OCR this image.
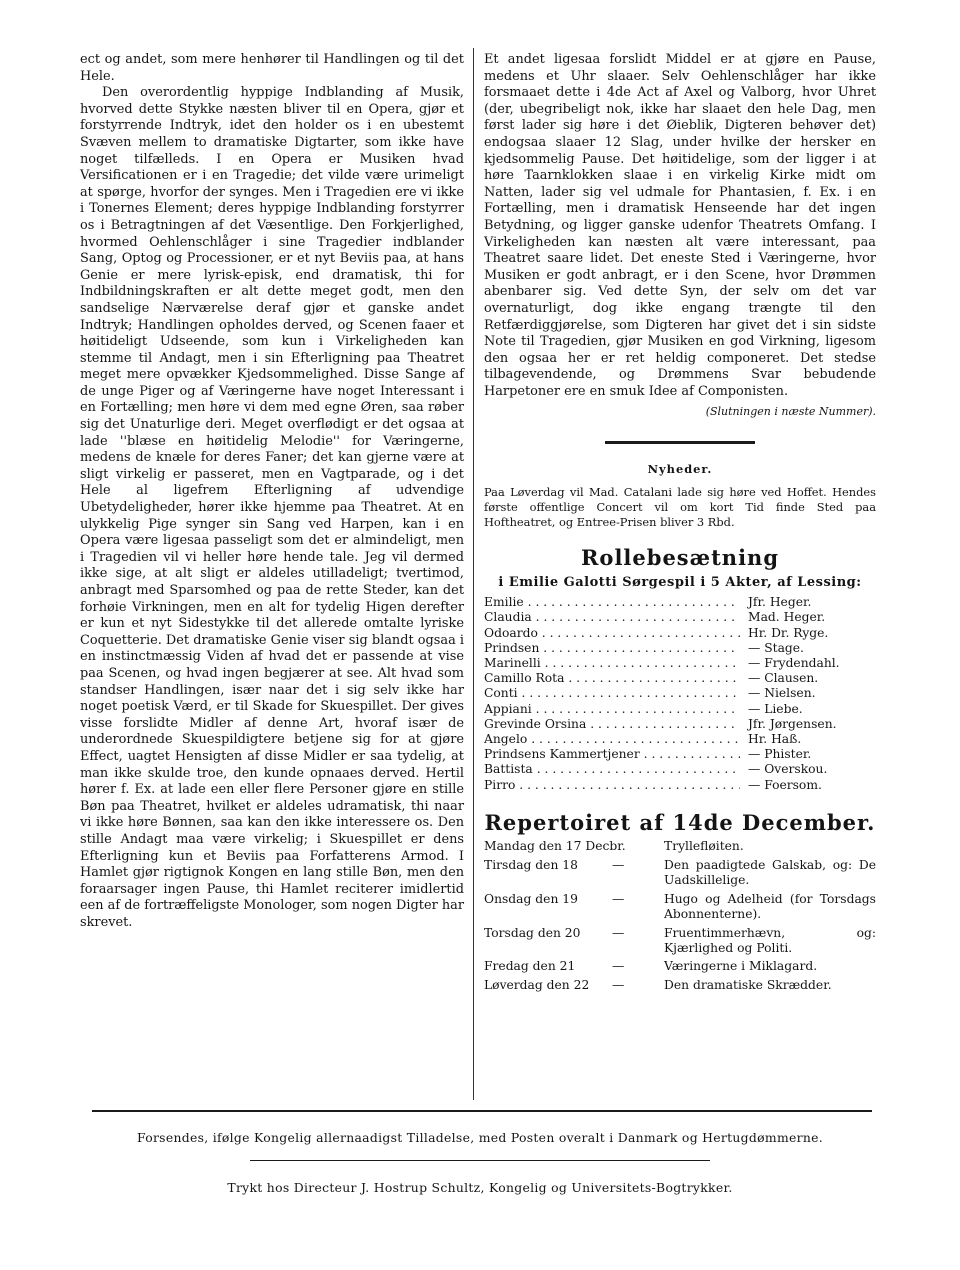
ect og andet, som mere henhører til Handlingen og til det Hele.

Den overordentlig hyppige Indblanding af Musik, hvorved dette Stykke næsten bliver til en Opera, gjør et forstyrrende Indtryk, idet den holder os i en ubestemt Svæven mellem to dramatiske Digtarter, som ikke have noget tilfælleds. I en Opera er Musiken hvad Versificationen er i en Tragedie; det vilde være urimeligt at spørge, hvorfor der synges. Men i Tragedien ere vi ikke i Tonernes Element; deres hyppige Indblanding forstyrrer os i Betragtningen af det Væsentlige. Den Forkjerlighed, hvormed Oehlenschlåger i sine Tragedier indblander Sang, Optog og Processioner, er et nyt Beviis paa, at hans Genie er mere lyrisk-episk, end dramatisk, thi for Indbildningskraften er alt dette meget godt, men den sandselige Nærværelse deraf gjør et ganske andet Indtryk; Handlingen opholdes derved, og Scenen faaer et høitideligt Udseende, som kun i Virkeligheden kan stemme til Andagt, men i sin Efterligning paa Theatret meget mere opvækker Kjedsommelighed. Disse Sange af de unge Piger og af Væringerne have noget Interessant i en Fortælling; men høre vi dem med egne Øren, saa røber sig det Unaturlige deri. Meget overflødigt er det ogsaa at lade ''blæse en høitidelig Melodie'' for Væringerne, medens de knæle for deres Faner; det kan gjerne være at sligt virkelig er passeret, men en Vagtparade, og i det Hele al ligefrem Efterligning af udvendige Ubetydeligheder, hører ikke hjemme paa Theatret. At en ulykkelig Pige synger sin Sang ved Harpen, kan i en Opera være ligesaa passeligt som det er almindeligt, men i Tragedien vil vi heller høre hende tale. Jeg vil dermed ikke sige, at alt sligt er aldeles utilladeligt; tvertimod, anbragt med Sparsomhed og paa de rette Steder, kan det forhøie Virkningen, men en alt for tydelig Higen derefter er kun et nyt Sidestykke til det allerede omtalte lyriske Coquetterie. Det dramatiske Genie viser sig blandt ogsaa i en instinctmæssig Viden af hvad det er passende at vise paa Scenen, og hvad ingen begjærer at see. Alt hvad som standser Handlingen, især naar det i sig selv ikke har noget poetisk Værd, er til Skade for Skuespillet. Der gives visse forslidte Midler af denne Art, hvoraf især de underordnede Skuespildigtere betjene sig for at gjøre Effect, uagtet Hensigten af disse Midler er saa tydelig, at man ikke skulde troe, den kunde opnaaes derved. Hertil hører f. Ex. at lade een eller flere Personer gjøre en stille Bøn paa Theatret, hvilket er aldeles udramatisk, thi naar vi ikke høre Bønnen, saa kan den ikke interessere os. Den stille Andagt maa være virkelig; i Skuespillet er dens Efterligning kun et Beviis paa Forfatterens Armod. I Hamlet gjør rigtignok Kongen en lang stille Bøn, men den foraarsager ingen Pause, thi Hamlet reciterer imidlertid een af de fortræffeligste Monologer, som nogen Digter har skrevet.

Et andet ligesaa forslidt Middel er at gjøre en Pause, medens et Uhr slaaer. Selv Oehlenschlåger har ikke forsmaaet dette i 4de Act af Axel og Valborg, hvor Uhret (der, ubegribeligt nok, ikke har slaaet den hele Dag, men først lader sig høre i det Øieblik, Digteren behøver det) endogsaa slaaer 12 Slag, under hvilke der hersker en kjedsommelig Pause. Det høitidelige, som der ligger i at høre Taarnklokken slaae i en virkelig Kirke midt om Natten, lader sig vel udmale for Phantasien, f. Ex. i en Fortælling, men i dramatisk Henseende har det ingen Betydning, og ligger ganske udenfor Theatrets Omfang. I Virkeligheden kan næsten alt være interessant, paa Theatret saare lidet. Det eneste Sted i Væringerne, hvor Musiken er godt anbragt, er i den Scene, hvor Drømmen abenbarer sig. Ved dette Syn, der selv om det var overnaturligt, dog ikke engang trængte til den Retfærdiggjørelse, som Digteren har givet det i sin sidste Note til Tragedien, gjør Musiken en god Virkning, ligesom den ogsaa her er ret heldig componeret. Det stedse tilbagevendende, og Drømmens Svar bebudende Harpetoner ere en smuk Idee af Componisten.

(Slutningen i næste Nummer).

Nyheder.

Paa Løverdag vil Mad. Catalani lade sig høre ved Hoffet. Hendes første offentlige Concert vil om kort Tid finde Sted paa Hoftheatret, og Entree-Prisen bliver 3 Rbd.

Rollebesætning

i Emilie Galotti Sørgespil i 5 Akter, af Lessing:

Emilie . . .	Jfr. Heger.
Claudia . . .	Mad. Heger.
Odoardo . . .	Hr. Dr. Ryge.
Prindsen . . .	— Stage.
Marinelli . . .	— Frydendahl.
Camillo Rota . . .	— Clausen.
Conti . . .	— Nielsen.
Appiani . . .	— Liebe.
Grevinde Orsina . . .	Jfr. Jørgensen.
Angelo . . .	Hr. Haß.
Prindsens Kammertjener . . .	— Phister.
Battista . . .	— Overskou.
Pirro . . .	— Foersom.

Repertoiret af 14de December.

Mandag den 17 Decbr.	Tryllefløiten.
Tirsdag den 18	—	Den paadigtede Galskab, og: De Uadskillelige.
Onsdag den 19	—	Hugo og Adelheid (for Torsdags Abonnenterne).
Torsdag den 20	—	Fruentimmerhævn, og: Kjærlighed og Politi.
Fredag den 21	—	Væringerne i Miklagard.
Løverdag den 22	—	Den dramatiske Skrædder.
Forsendes, ifølge Kongelig allernaadigst Tilladelse, med Posten overalt i Danmark og Hertugdømmerne.
Trykt hos Directeur J. Hostrup Schultz, Kongelig og Universitets-Bogtrykker.
